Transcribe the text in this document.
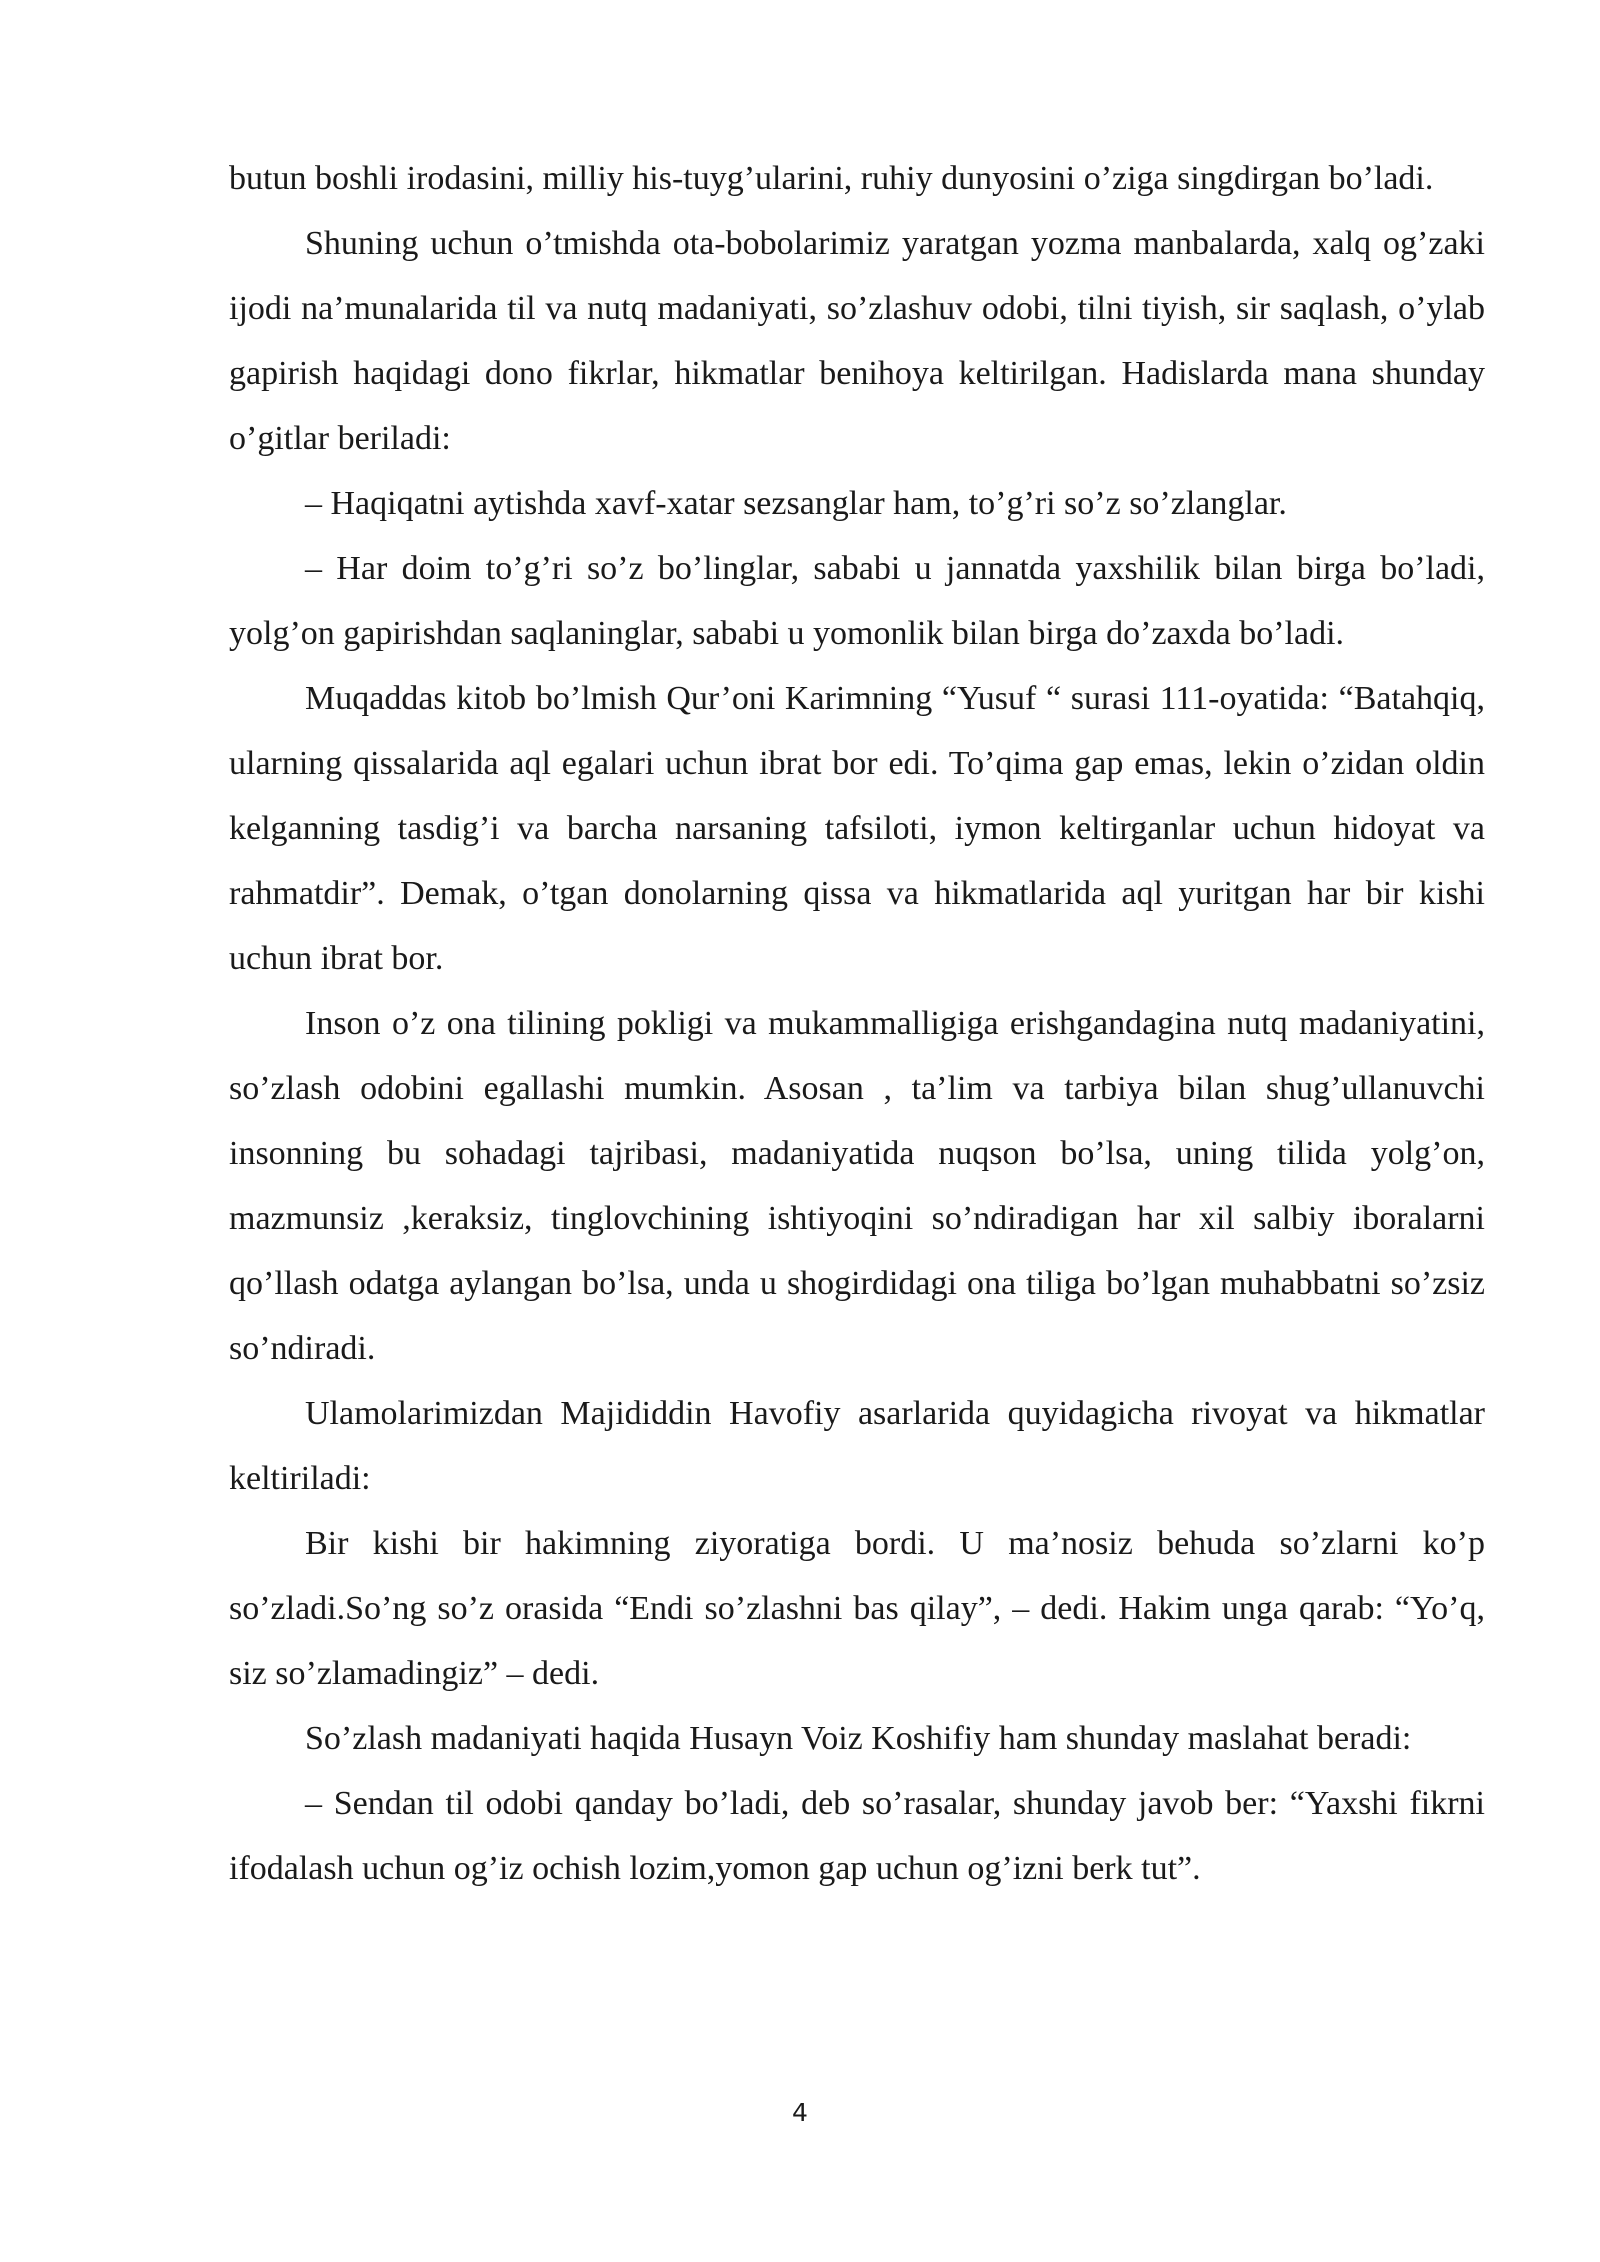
butun boshli irodasini, milliy his-tuyg’ularini, ruhiy dunyosini o’ziga singdirgan bo’ladi.

Shuning uchun o’tmishda ota-bobolarimiz yaratgan yozma manbalarda, xalq og’zaki ijodi na’munalarida til va nutq madaniyati, so’zlashuv odobi, tilni tiyish, sir saqlash, o’ylab gapirish haqidagi dono fikrlar, hikmatlar benihoya keltirilgan. Hadislarda mana shunday o’gitlar beriladi:

– Haqiqatni aytishda xavf-xatar sezsanglar ham, to’g’ri so’z so’zlanglar.

– Har doim to’g’ri so’z bo’linglar, sababi u jannatda yaxshilik bilan birga bo’ladi, yolg’on gapirishdan saqlaninglar, sababi u yomonlik bilan birga do’zaxda bo’ladi.

Muqaddas kitob bo’lmish Qur’oni Karimning “Yusuf “ surasi 111-oyatida: “Batahqiq, ularning qissalarida aql egalari uchun ibrat bor edi. To’qima gap emas, lekin o’zidan oldin kelganning tasdig’i va barcha narsaning tafsiloti, iymon keltirganlar uchun hidoyat va rahmatdir”. Demak, o’tgan donolarning qissa va hikmatlarida aql yuritgan har bir kishi uchun ibrat bor.

Inson o’z ona tilining pokligi va mukammalligiga erishgandagina nutq madaniyatini, so’zlash odobini egallashi mumkin. Asosan , ta’lim va tarbiya bilan shug’ullanuvchi insonning bu sohadagi tajribasi, madaniyatida nuqson bo’lsa, uning tilida yolg’on, mazmunsiz ,keraksiz, tinglovchining ishtiyoqini so’ndiradigan har xil salbiy iboralarni qo’llash odatga aylangan bo’lsa, unda u shogirdidagi ona tiliga bo’lgan muhabbatni so’zsiz so’ndiradi.

Ulamolarimizdan Majididdin Havofiy asarlarida quyidagicha rivoyat va hikmatlar keltiriladi:

Bir kishi bir hakimning ziyoratiga bordi. U ma’nosiz behuda so’zlarni ko’p so’zladi.So’ng so’z orasida “Endi so’zlashni bas qilay”, – dedi. Hakim unga qarab: “Yo’q, siz so’zlamadingiz” – dedi.

So’zlash madaniyati haqida Husayn Voiz Koshifiy ham shunday maslahat beradi:

– Sendan til odobi qanday bo’ladi, deb so’rasalar, shunday javob ber: “Yaxshi fikrni ifodalash uchun og’iz ochish lozim,yomon gap uchun og’izni berk tut”.

4
